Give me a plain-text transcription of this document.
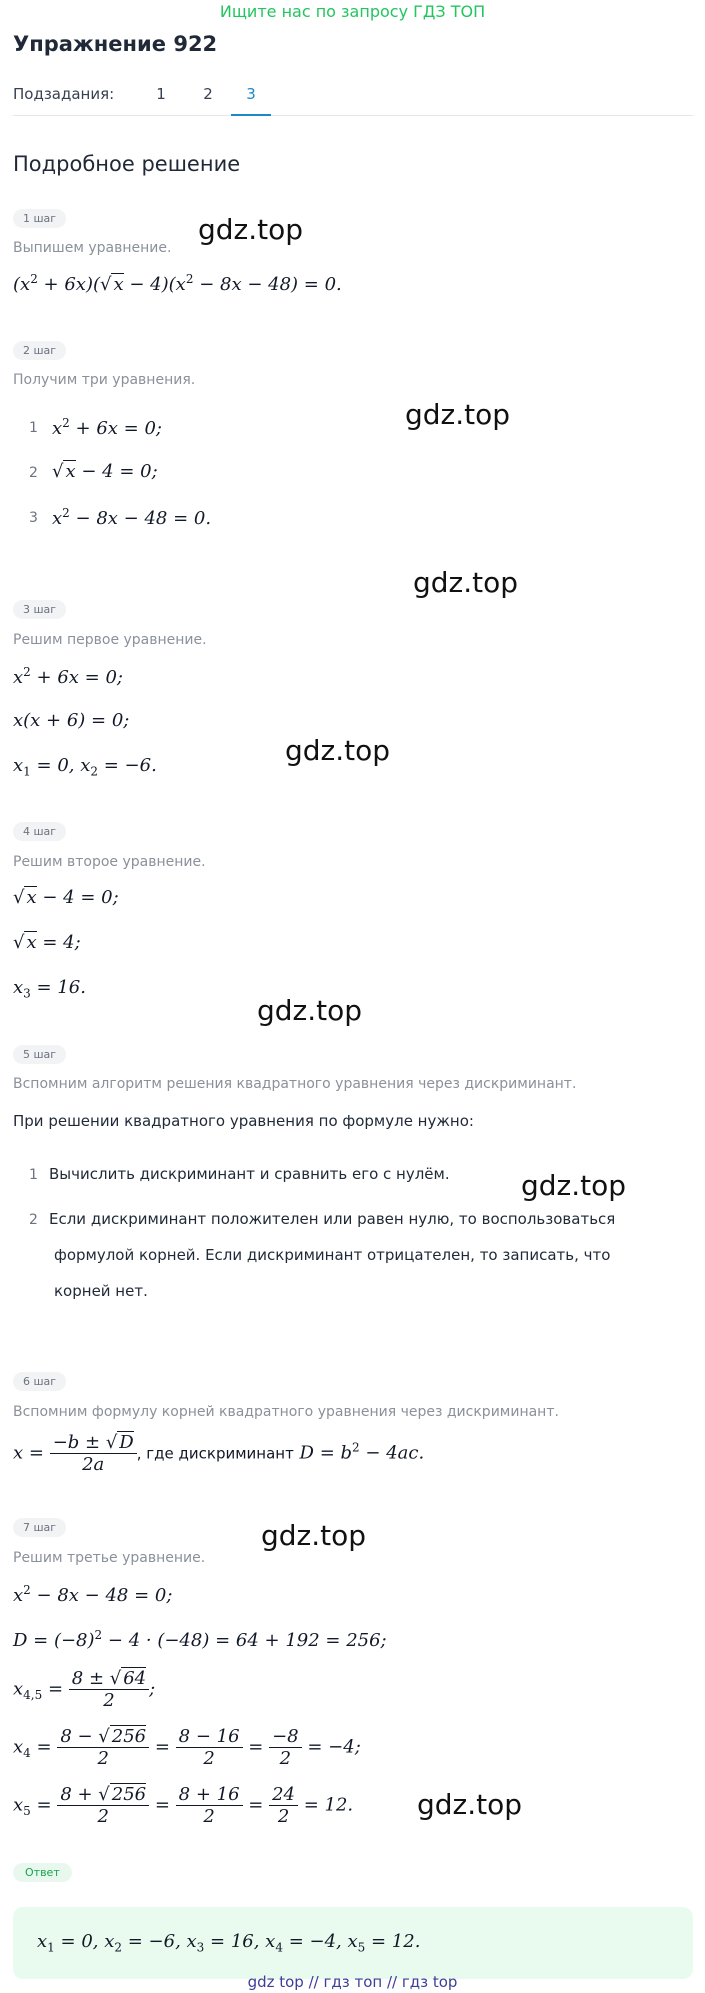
Ищите нас по запросу ГДЗ ТОП
Упражнение 922
Подзадания:	1	2	3
Подробное решение
1 шаг
Выпишем уравнение.
$(x^2 + 6x)(√$ $x - 4)(x^2 - 8x - 48) = 0$.
2 шаг
Получим три уравнения.
1 $x^2 + 6x = 0$;
2 √ x − 4 = 0;
3 $x^2 - 8x - 48 = 0$.
3 шаг
Решим первое уравнение.
$x^2 + 6x = 0$;
x(x + 6) = 0;
$x_1 = 0$, $x_2 = -6$.
4 шаг
Решим второе уравнение.
√ x − 4 = 0;
√ x = 4;
$x_3 = 16$.
5 шаг
Вспомним алгоритм решения квадратного уравнения через дискриминант.
При решении квадратного уравнения по формуле нужно:
1 Вычислить дискриминант и сравнить его с нулём.
2 Если дискриминант положителен или равен нулю, то воспользоваться
формулой корней. Если дискриминант отрицателен, то записать, что
корней нет.
6 шаг
Вспомним формулу корней квадратного уравнения через дискриминант.
$x = \frac{-b \pm √ D}{2a}$ , где дискриминант $D = b^2 - 4ac$.
7 шаг
Решим третье уравнение.
$x^2 - 8x - 48 = 0$;
$D = (-8)^2 - 4 \cdot (-48) = 64 + 192 = 256$;
$x_{4,5} = \frac{8 \pm √ 64}{2}$ ;
$x_4 = \frac{8 - √ 256}{2} = \frac{8 - 16}{2} = \frac{-8}{2} = -4$;
$x_5 = \frac{8 + √ 256}{2} = \frac{8 + 16}{2} = \frac{24}{2} = 12$.
Ответ
$x_1 = 0$, $x_2 = -6$, $x_3 = 16$, $x_4 = -4$, $x_5 = 12$.
gdz.top
gdz.top
gdz.top
gdz.top
gdz.top
gdz.top
gdz.top
gdz.top
gdz top // гдз топ // гдз top
